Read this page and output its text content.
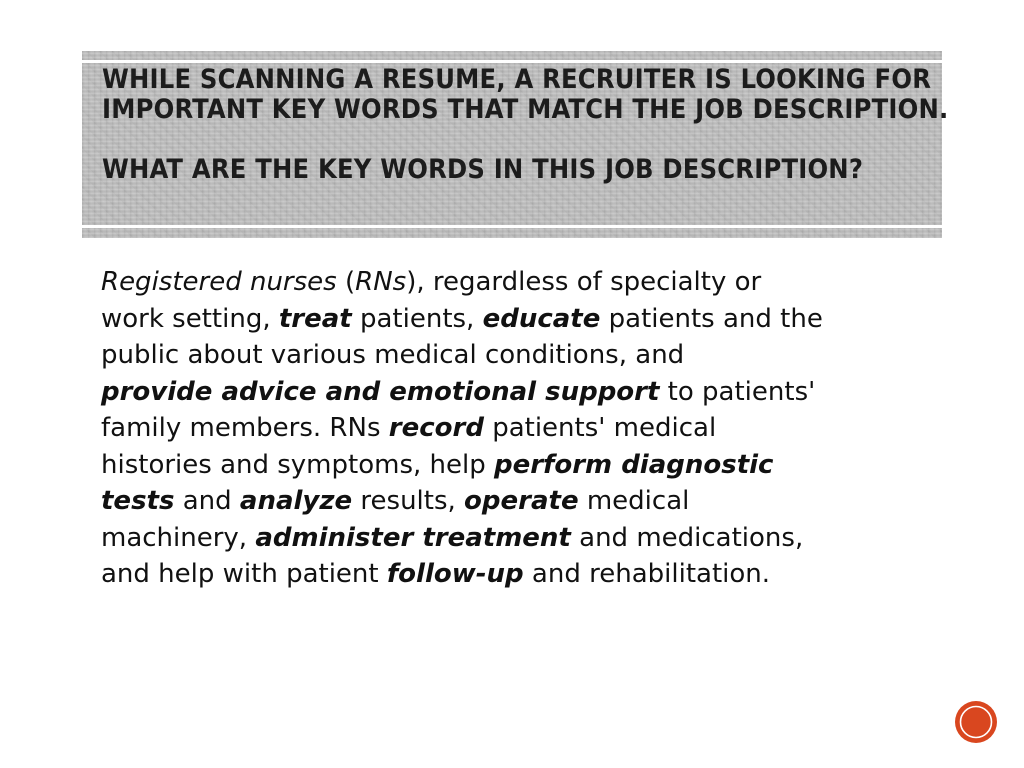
WHILE SCANNING A RESUME, A RECRUITER IS LOOKING FOR
IMPORTANT KEY WORDS THAT MATCH THE JOB DESCRIPTION.
WHAT ARE THE KEY WORDS IN THIS JOB DESCRIPTION?

Registered nurses (RNs), regardless of specialty or
work setting, treat patients, educate patients and the
public about various medical conditions, and
provide advice and emotional support to patients'
family members. RNs record patients' medical
histories and symptoms, help perform diagnostic
tests and analyze results, operate medical
machinery, administer treatment and medications,
and help with patient follow-up and rehabilitation.
